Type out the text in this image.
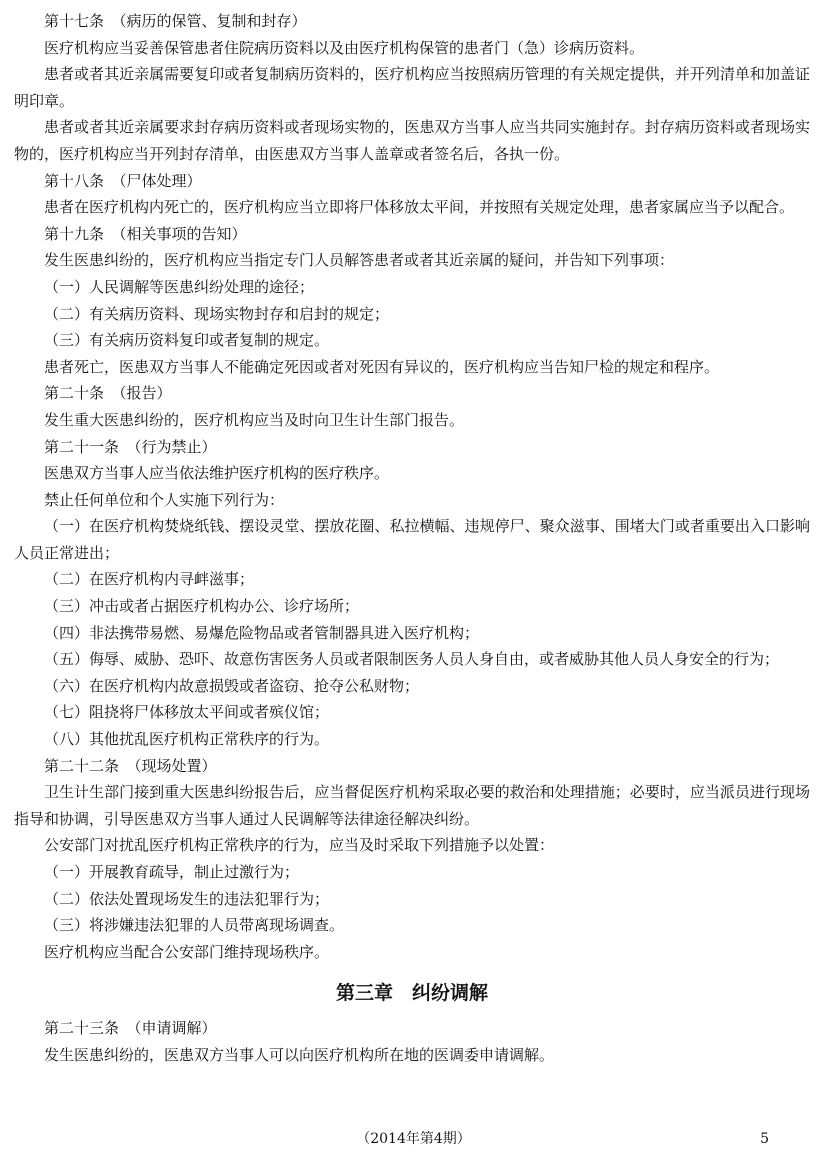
第十七条　（病历的保管、复制和封存）

医疗机构应当妥善保管患者住院病历资料以及由医疗机构保管的患者门（急）诊病历资料。

患者或者其近亲属需要复印或者复制病历资料的，医疗机构应当按照病历管理的有关规定提供，并开列清单和加盖证明印章。

患者或者其近亲属要求封存病历资料或者现场实物的，医患双方当事人应当共同实施封存。封存病历资料或者现场实物的，医疗机构应当开列封存清单，由医患双方当事人盖章或者签名后，各执一份。

第十八条　（尸体处理）

患者在医疗机构内死亡的，医疗机构应当立即将尸体移放太平间，并按照有关规定处理，患者家属应当予以配合。

第十九条　（相关事项的告知）

发生医患纠纷的，医疗机构应当指定专门人员解答患者或者其近亲属的疑问，并告知下列事项：

（一）人民调解等医患纠纷处理的途径；

（二）有关病历资料、现场实物封存和启封的规定；

（三）有关病历资料复印或者复制的规定。

患者死亡，医患双方当事人不能确定死因或者对死因有异议的，医疗机构应当告知尸检的规定和程序。

第二十条　（报告）

发生重大医患纠纷的，医疗机构应当及时向卫生计生部门报告。

第二十一条　（行为禁止）

医患双方当事人应当依法维护医疗机构的医疗秩序。

禁止任何单位和个人实施下列行为：

（一）在医疗机构焚烧纸钱、摆设灵堂、摆放花圈、私拉横幅、违规停尸、聚众滋事、围堵大门或者重要出入口影响人员正常进出；

（二）在医疗机构内寻衅滋事；

（三）冲击或者占据医疗机构办公、诊疗场所；

（四）非法携带易燃、易爆危险物品或者管制器具进入医疗机构；

（五）侮辱、威胁、恐吓、故意伤害医务人员或者限制医务人员人身自由，或者威胁其他人员人身安全的行为；

（六）在医疗机构内故意损毁或者盗窃、抢夺公私财物；

（七）阻挠将尸体移放太平间或者殡仪馆；

（八）其他扰乱医疗机构正常秩序的行为。

第二十二条　（现场处置）

卫生计生部门接到重大医患纠纷报告后，应当督促医疗机构采取必要的救治和处理措施；必要时，应当派员进行现场指导和协调，引导医患双方当事人通过人民调解等法律途径解决纠纷。

公安部门对扰乱医疗机构正常秩序的行为，应当及时采取下列措施予以处置：

（一）开展教育疏导，制止过激行为；

（二）依法处置现场发生的违法犯罪行为；

（三）将涉嫌违法犯罪的人员带离现场调查。

医疗机构应当配合公安部门维持现场秩序。

第三章　纠纷调解

第二十三条　（申请调解）

发生医患纠纷的，医患双方当事人可以向医疗机构所在地的医调委申请调解。

（2014年第4期）	5
